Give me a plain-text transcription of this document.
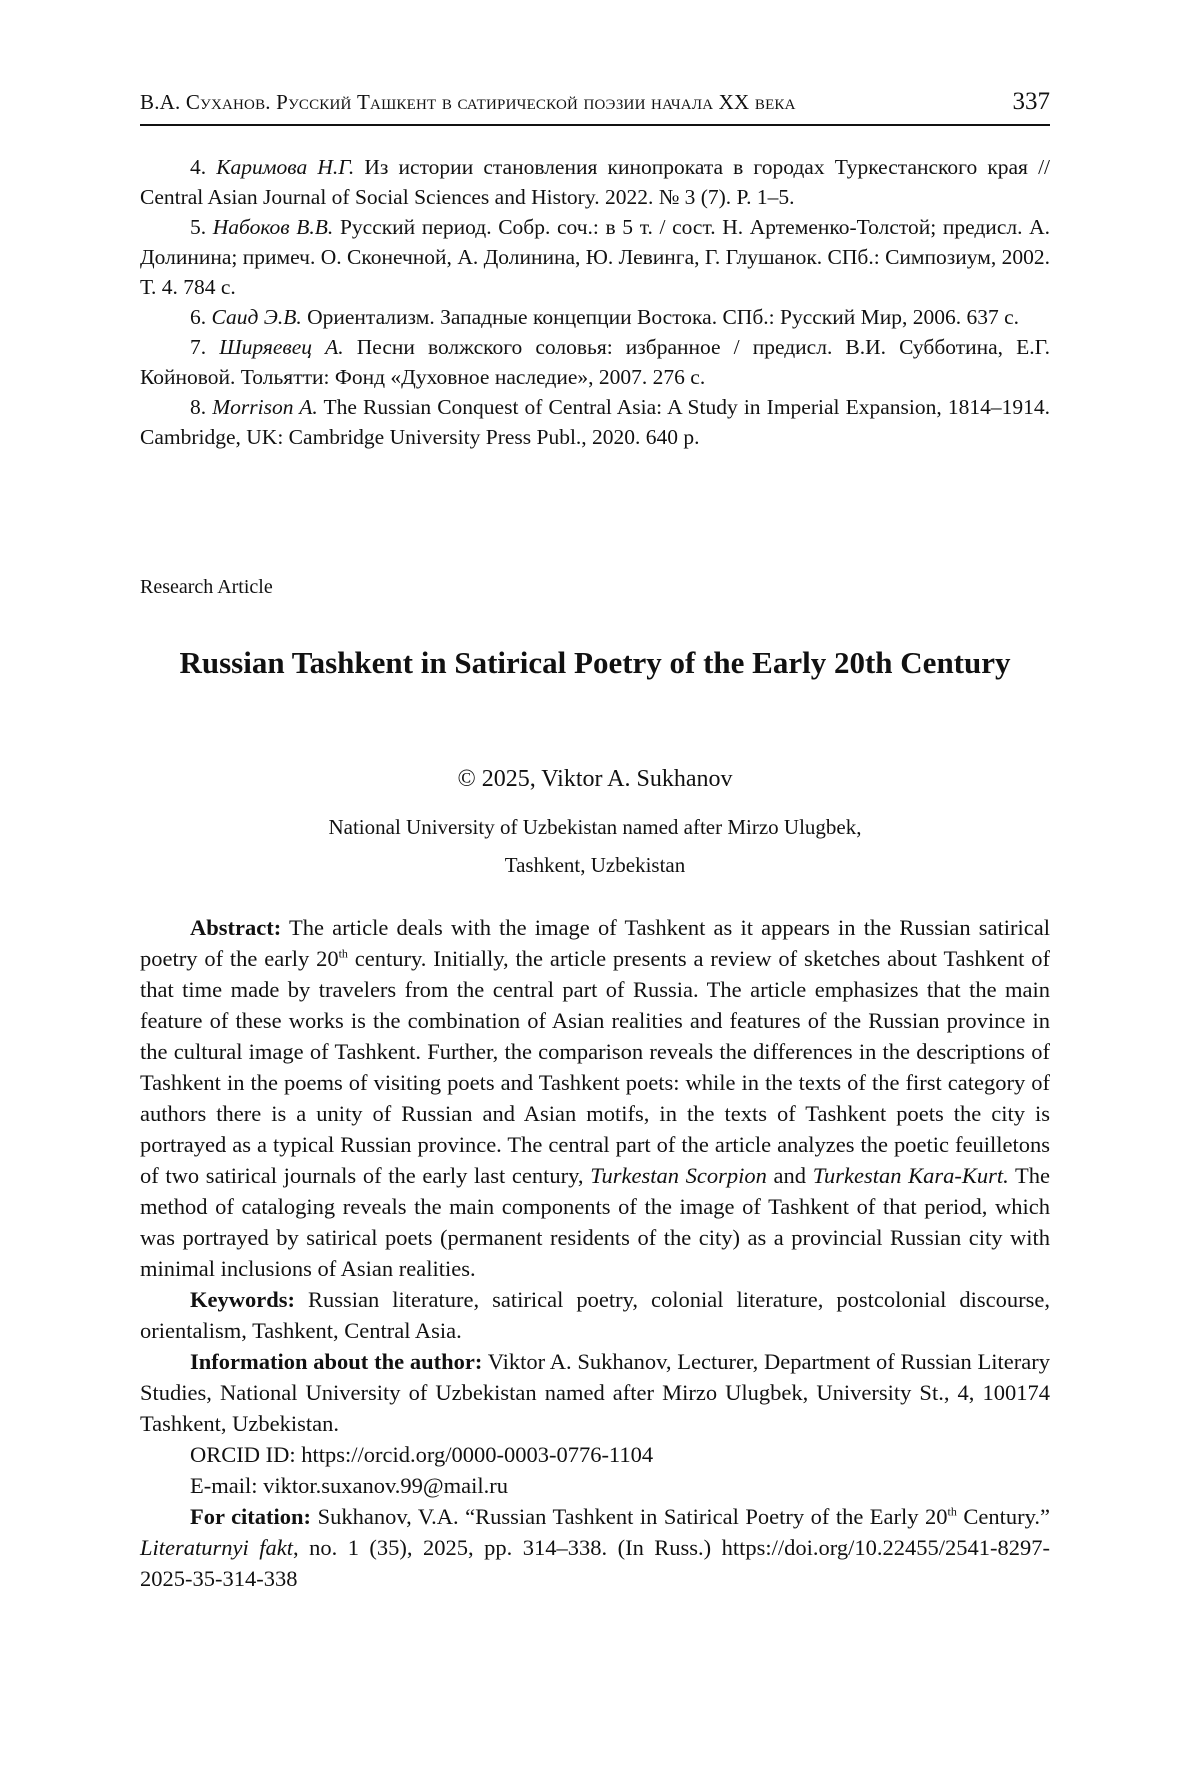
В.А. Суханов. Русский Ташкент в сатирической поэзии начала XX века	337

4. Каримова Н.Г. Из истории становления кинопроката в городах Туркестанского края // Central Asian Journal of Social Sciences and History. 2022. № 3 (7). P. 1–5.

5. Набоков В.В. Русский период. Собр. соч.: в 5 т. / сост. Н. Артеменко-Толстой; предисл. А. Долинина; примеч. О. Сконечной, А. Долинина, Ю. Левинга, Г. Глушанок. СПб.: Симпозиум, 2002. Т. 4. 784 с.

6. Саид Э.В. Ориентализм. Западные концепции Востока. СПб.: Русский Мир, 2006. 637 с.

7. Ширяевец А. Песни волжского соловья: избранное / предисл. В.И. Субботина, Е.Г. Койновой. Тольятти: Фонд «Духовное наследие», 2007. 276 с.

8. Morrison A. The Russian Conquest of Central Asia: A Study in Imperial Expansion, 1814–1914. Cambridge, UK: Cambridge University Press Publ., 2020. 640 p.

Research Article
Russian Tashkent in Satirical Poetry of the Early 20th Century
© 2025, Viktor A. Sukhanov
National University of Uzbekistan named after Mirzo Ulugbek,
Tashkent, Uzbekistan

Abstract: The article deals with the image of Tashkent as it appears in the Russian satirical poetry of the early 20th century. Initially, the article presents a review of sketches about Tashkent of that time made by travelers from the central part of Russia. The article emphasizes that the main feature of these works is the combination of Asian realities and features of the Russian province in the cultural image of Tashkent. Further, the comparison reveals the differences in the descriptions of Tashkent in the poems of visiting poets and Tashkent poets: while in the texts of the first category of authors there is a unity of Russian and Asian motifs, in the texts of Tashkent poets the city is portrayed as a typical Russian province. The central part of the article analyzes the poetic feuilletons of two satirical journals of the early last century, Turkestan Scorpion and Turkestan Kara-Kurt. The method of cataloging reveals the main components of the image of Tashkent of that period, which was portrayed by satirical poets (permanent residents of the city) as a provincial Russian city with minimal inclusions of Asian realities.

Keywords: Russian literature, satirical poetry, colonial literature, postcolonial discourse, orientalism, Tashkent, Central Asia.

Information about the author: Viktor A. Sukhanov, Lecturer, Department of Russian Literary Studies, National University of Uzbekistan named after Mirzo Ulugbek, University St., 4, 100174 Tashkent, Uzbekistan.

ORCID ID: https://orcid.org/0000-0003-0776-1104

E-mail: viktor.suxanov.99@mail.ru

For citation: Sukhanov, V.A. “Russian Tashkent in Satirical Poetry of the Early 20th Century.” Literaturnyi fakt, no. 1 (35), 2025, pp. 314–338. (In Russ.) https://doi.org/10.22455/2541-8297-2025-35-314-338
